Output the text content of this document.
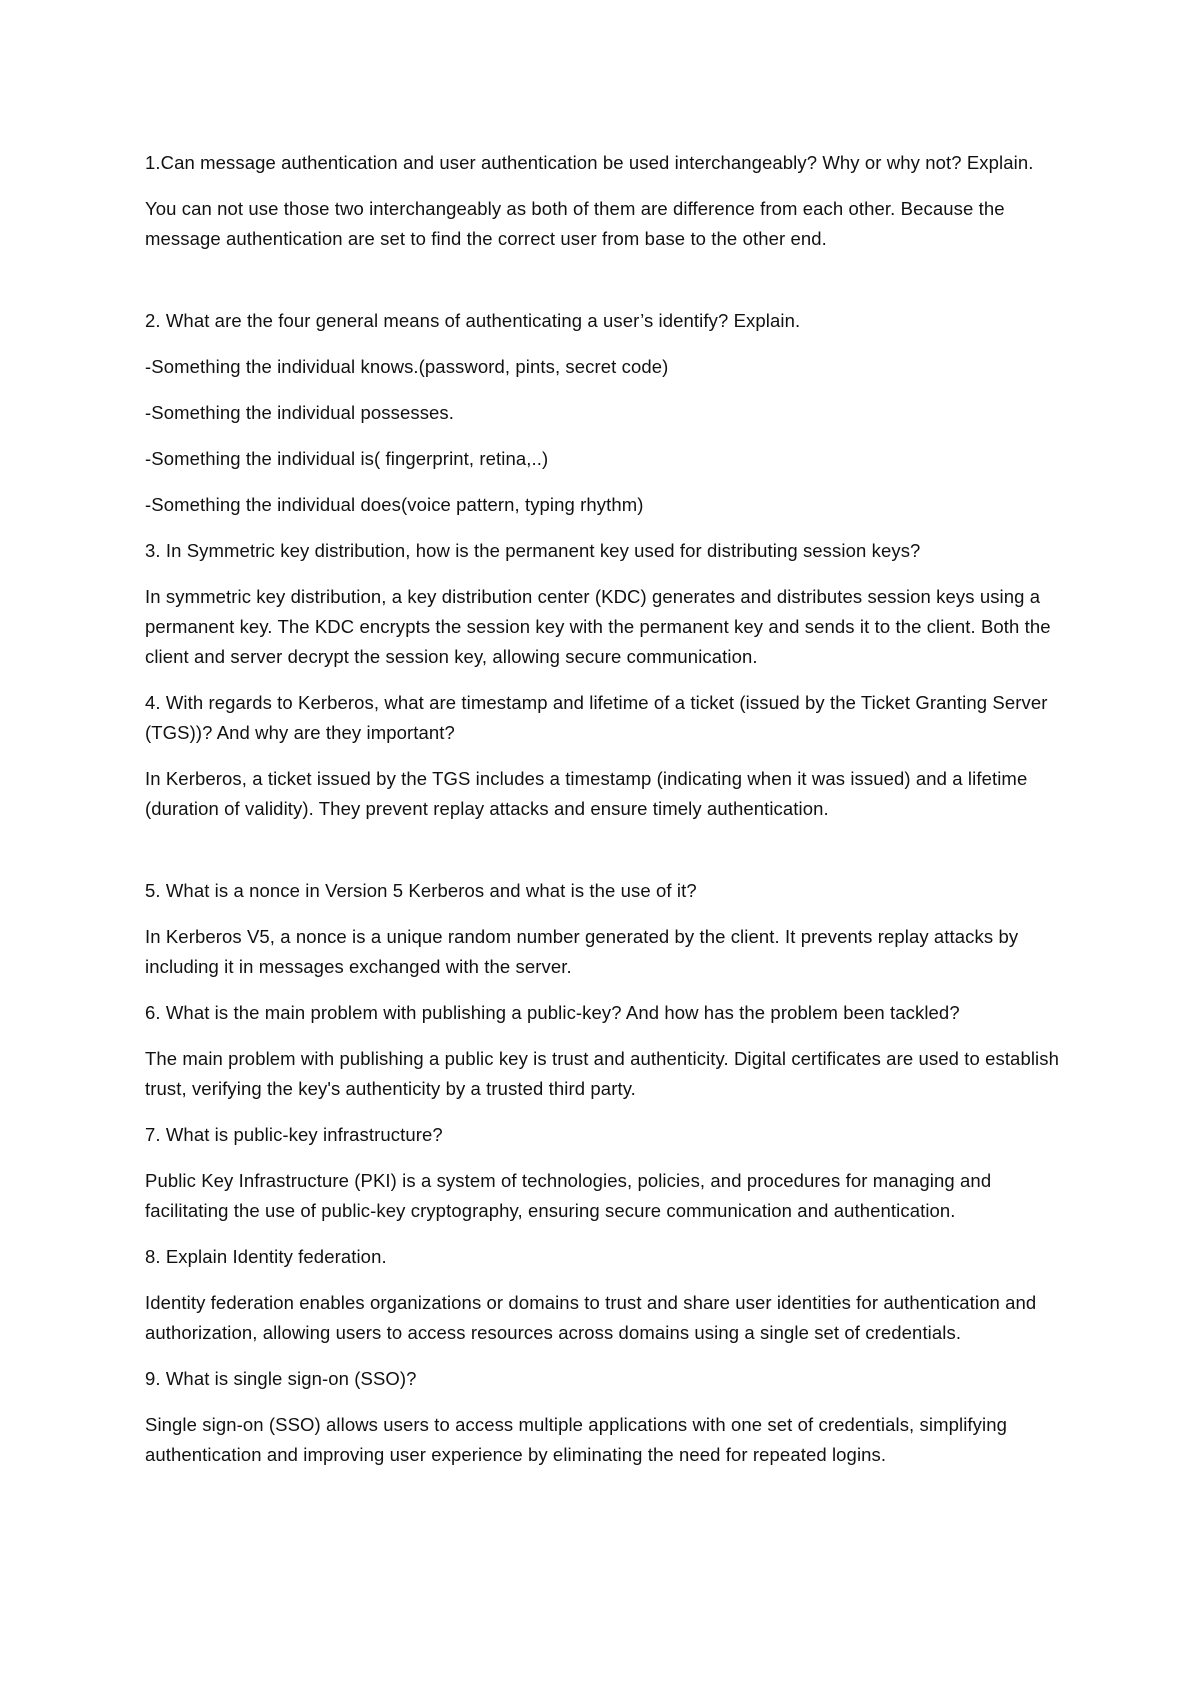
1.Can message authentication and user authentication be used interchangeably? Why or why not? Explain.

You can not use those two interchangeably as both of them are difference from each other. Because the message authentication are set to find the correct user from base to the other end.

2. What are the four general means of authenticating a user’s identify? Explain.

-Something the individual knows.(password, pints, secret code)

-Something the individual possesses.

-Something the individual is( fingerprint, retina,..)

-Something the individual does(voice pattern, typing rhythm)

3. In Symmetric key distribution, how is the permanent key used for distributing session keys?

In symmetric key distribution, a key distribution center (KDC) generates and distributes session keys using a permanent key. The KDC encrypts the session key with the permanent key and sends it to the client. Both the client and server decrypt the session key, allowing secure communication.

4. With regards to Kerberos, what are timestamp and lifetime of a ticket (issued by the Ticket Granting Server (TGS))? And why are they important?

In Kerberos, a ticket issued by the TGS includes a timestamp (indicating when it was issued) and a lifetime (duration of validity). They prevent replay attacks and ensure timely authentication.

5. What is a nonce in Version 5 Kerberos and what is the use of it?

In Kerberos V5, a nonce is a unique random number generated by the client. It prevents replay attacks by including it in messages exchanged with the server.

6. What is the main problem with publishing a public-key? And how has the problem been tackled?

The main problem with publishing a public key is trust and authenticity. Digital certificates are used to establish trust, verifying the key's authenticity by a trusted third party.

7. What is public-key infrastructure?

Public Key Infrastructure (PKI) is a system of technologies, policies, and procedures for managing and facilitating the use of public-key cryptography, ensuring secure communication and authentication.

8. Explain Identity federation.

Identity federation enables organizations or domains to trust and share user identities for authentication and authorization, allowing users to access resources across domains using a single set of credentials.

9. What is single sign-on (SSO)?

Single sign-on (SSO) allows users to access multiple applications with one set of credentials, simplifying authentication and improving user experience by eliminating the need for repeated logins.
